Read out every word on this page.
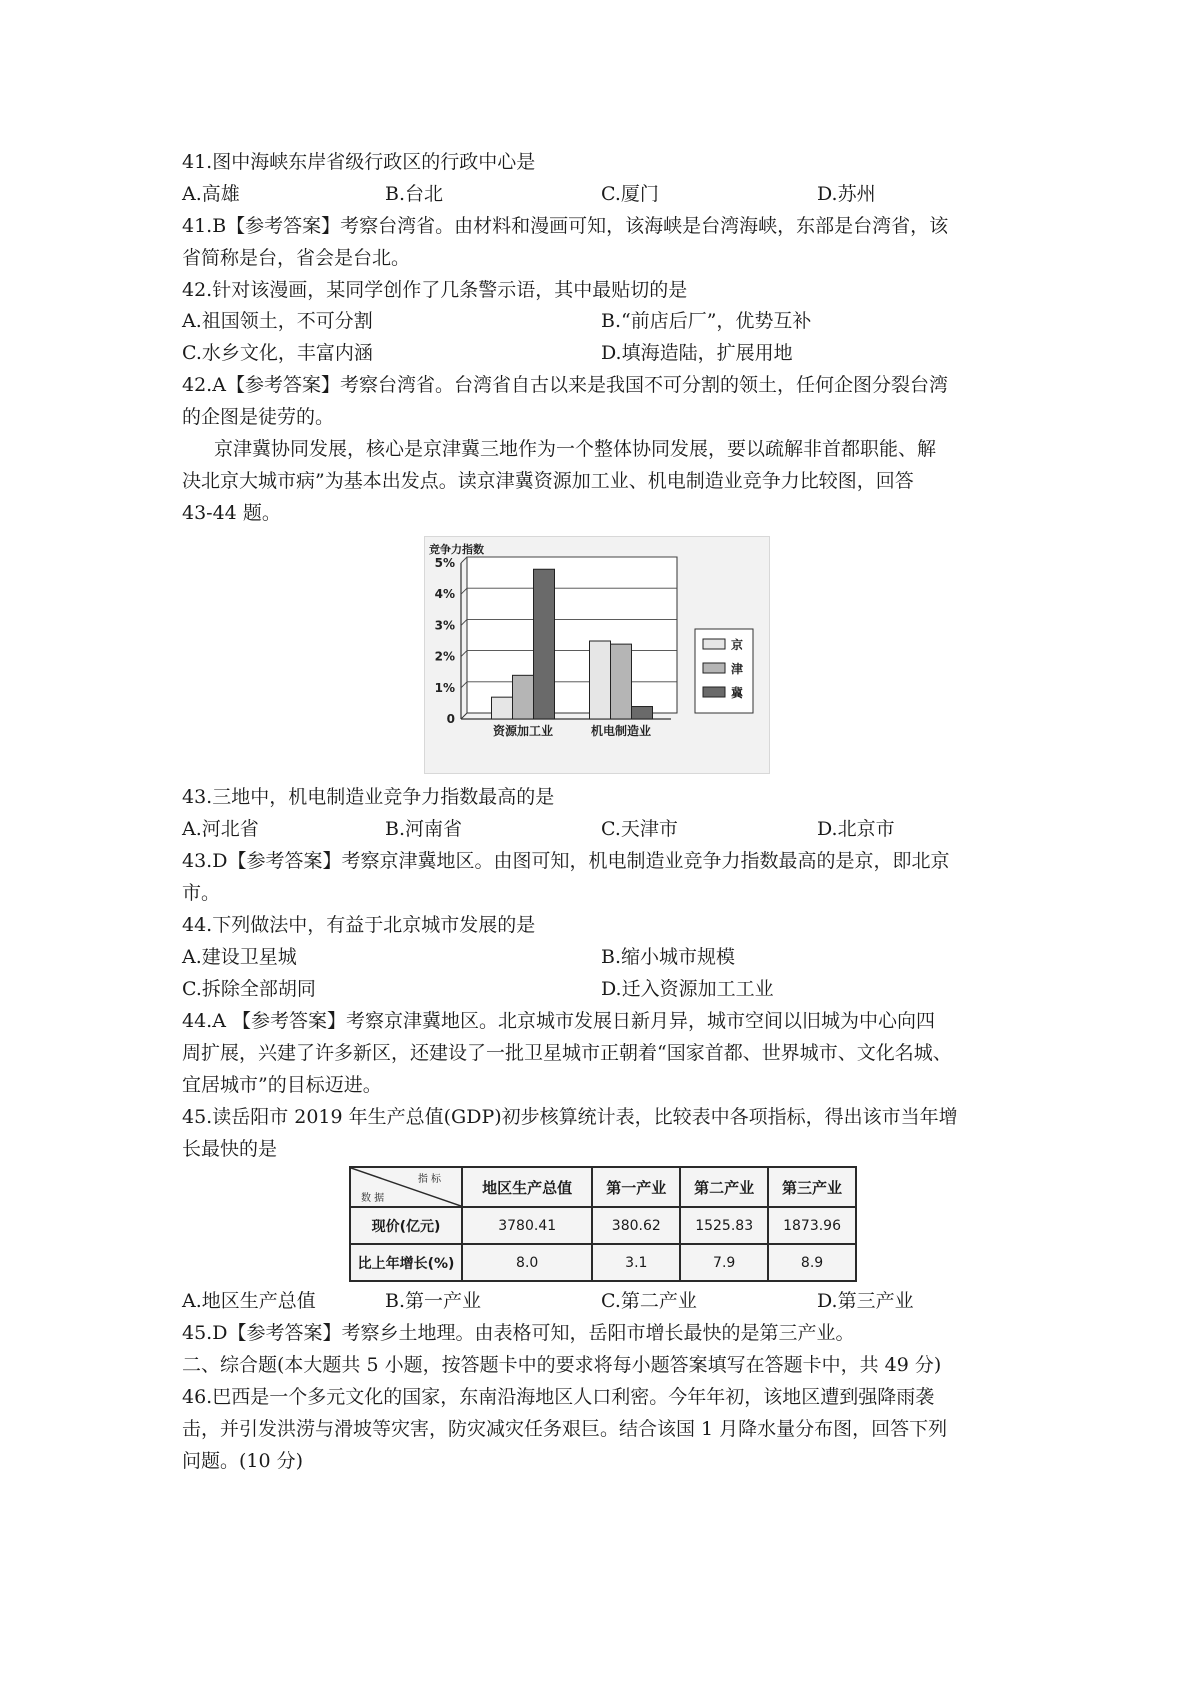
41.图中海峡东岸省级行政区的行政中心是
A.高雄	B.台北	C.厦门	D.苏州
41.B【参考答案】考察台湾省。由材料和漫画可知，该海峡是台湾海峡，东部是台湾省，该
省简称是台，省会是台北。
42.针对该漫画，某同学创作了几条警示语，其中最贴切的是
A.祖国领土，不可分割	B.“前店后厂”，优势互补
C.水乡文化，丰富内涵	D.填海造陆，扩展用地
42.A【参考答案】考察台湾省。台湾省自古以来是我国不可分割的领土，任何企图分裂台湾
的企图是徒劳的。
京津冀协同发展，核心是京津冀三地作为一个整体协同发展，要以疏解非首都职能、解
决北京大城市病”为基本出发点。读京津冀资源加工业、机电制造业竞争力比较图，回答
43-44 题。
竞争力指数
0
1%
2%
3%
4%
5%
资源加工业	机电制造业
京
津
冀
43.三地中，机电制造业竞争力指数最高的是
A.河北省	B.河南省	C.天津市	D.北京市
43.D【参考答案】考察京津冀地区。由图可知，机电制造业竞争力指数最高的是京，即北京
市。
44.下列做法中，有益于北京城市发展的是
A.建设卫星城	B.缩小城市规模
C.拆除全部胡同	D.迁入资源加工工业
44.A 【参考答案】考察京津冀地区。北京城市发展日新月异，城市空间以旧城为中心向四
周扩展，兴建了许多新区，还建设了一批卫星城市正朝着“国家首都、世界城市、文化名城、
宜居城市”的目标迈进。
45.读岳阳市 2019 年生产总值(GDP)初步核算统计表，比较表中各项指标，得出该市当年增
长最快的是
指 标
数 据	地区生产总值	第一产业	第二产业	第三产业
现价(亿元)	3780.41	380.62	1525.83	1873.96
比上年增长(%)	8.0	3.1	7.9	8.9
A.地区生产总值	B.第一产业	C.第二产业	D.第三产业
45.D【参考答案】考察乡土地理。由表格可知，岳阳市增长最快的是第三产业。
二、综合题(本大题共 5 小题，按答题卡中的要求将每小题答案填写在答题卡中，共 49 分)
46.巴西是一个多元文化的国家，东南沿海地区人口利密。今年年初，该地区遭到强降雨袭
击，并引发洪涝与滑坡等灾害，防灾减灾任务艰巨。结合该国 1 月降水量分布图，回答下列
问题。(10 分)
